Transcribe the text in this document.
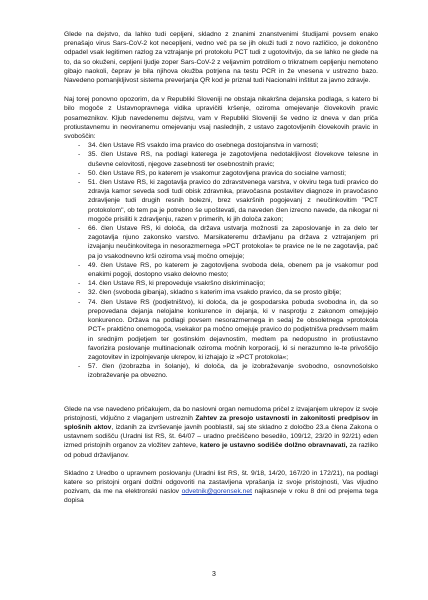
Glede na dejstvo, da lahko tudi cepljeni, skladno z znanimi znanstvenimi študijami povsem enako prenašajo virus Sars-CoV-2 kot necepljeni, vedno več pa se jih okuži tudi z novo različico, je dokončno odpadel vsak legitimen razlog za vztrajanje pri protokolu PCT tudi z ugotovitvijo, da se lahko ne glede na to, da so okuženi, cepljeni ljudje zoper Sars-CoV-2 z veljavnim potrdilom o trikratnem cepljenju nemoteno gibajo naokoli, čeprav je bila njihova okužba potrjena na testu PCR in že vnesena v ustrezno bazo. Navedeno pomanjkljivost sistema preverjanja QR kod je priznal tudi Nacionalni inštitut za javno zdravje.

Naj torej ponovno opozorim, da v Republiki Sloveniji ne obstaja nikakršna dejanska podlaga, s katero bi bilo mogoče z Ustavnopravnega vidika upravičiti kršenje, oziroma omejevanje človekovih pravic posameznikov. Kljub navedenemu dejstvu, vam v Republiki Sloveniji še vedno iz dneva v dan priča protiustavnemu in neoviranemu omejevanju vsaj naslednjih, z ustavo zagotovljenih človekovih pravic in svoboščin:

- 34. člen Ustave RS vsakdo ima pravico do osebnega dostojanstva in varnosti;
- 35. člen Ustave RS, na podlagi katerega je zagotovljena nedotakljivost človekove telesne in duševne celovitosti, njegove zasebnosti ter osebnostnih pravic;
- 50. člen Ustave RS, po katerem je vsakomur zagotovljena pravica do socialne varnosti;
- 51. člen Ustave RS, ki zagotavlja pravico do zdravstvenega varstva, v okviru tega tudi pravico do zdravja kamor seveda sodi tudi obisk zdravnika, pravočasna postavitev diagnoze in pravočasno zdravljenje tudi drugih resnih bolezni, brez vsakršnih pogojevanj z neučinkovitim "PCT protokolom", ob tem pa je potrebno še upoštevati, da naveden člen izrecno navede, da nikogar ni mogoče prisiliti k zdravljenju, razen v primerih, ki jih določa zakon;
- 66. člen Ustave RS, ki določa, da država ustvarja možnosti za zaposlovanje in za delo ter zagotavlja njuno zakonsko varstvo. Marsikateremu državljanu pa država z vztrajanjem pri izvajanju neučinkovitega in nesorazmernega »PCT protokola« te pravice ne le ne zagotavlja, pač pa jo vsakodnevno krši oziroma vsaj močno omejuje;
- 49. člen Ustave RS, po katerem je zagotovljena svoboda dela, obenem pa je vsakomur pod enakimi pogoji, dostopno vsako delovno mesto;
- 14. člen Ustave RS, ki prepoveduje vsakršno diskriminacijo;
- 32. člen (svoboda gibanja), skladno s katerim ima vsakdo pravico, da se prosto giblje;
- 74. člen Ustave RS (podjetništvo), ki določa, da je gospodarska pobuda svobodna in, da so prepovedana dejanja nelojalne konkurence in dejanja, ki v nasprotju z zakonom omejujejo konkurenco. Država na podlagi povsem nesorazmernega in sedaj že obsoletnega »protokola PCT« praktično onemogoča, vsekakor pa močno omejuje pravico do podjetnišva predvsem malim in srednjim podjetjem ter gostinskim dejavnostim, medtem pa nedopustno in protiustavno favorizira poslovanje multinacionalk oziroma močnih korporacij, ki si nerazumno le-te privoščijo zagotovitev in izpolnjevanje ukrepov, ki izhajajo iz »PCT protokola«;
- 57. člen (izobrazba in šolanje), ki določa, da je izobraževanje svobodno, osnovnošolsko izobraževanje pa obvezno.

Glede na vse navedeno pričakujem, da bo naslovni organ nemudoma pričel z izvajanjem ukrepov iz svoje pristojnosti, vključno z vlaganjem ustreznih Zahtev za presojo ustavnosti in zakonitosti predpisov in splošnih aktov, izdanih za izvrševanje javnih pooblastil, saj ste skladno z določbo 23.a člena Zakona o ustavnem sodišču (Uradni list RS, št. 64/07 – uradno prečiščeno besedilo, 109/12, 23/20 in 92/21) eden izmed pristojnih organov za vložitev zahteve, katero je ustavno sodišče dolžno obravnavati, za razliko od pobud državljanov.

Skladno z Uredbo o upravnem poslovanju (Uradni list RS, št. 9/18, 14/20, 167/20 in 172/21), na podlagi katere so pristojni organi dolžni odgovoriti na zastavljena vprašanja iz svoje pristojnosti, Vas vljudno pozivam, da me na elektronski naslov odvetnik@gorensek.net najkasneje v roku 8 dni od prejema tega dopisa

3
